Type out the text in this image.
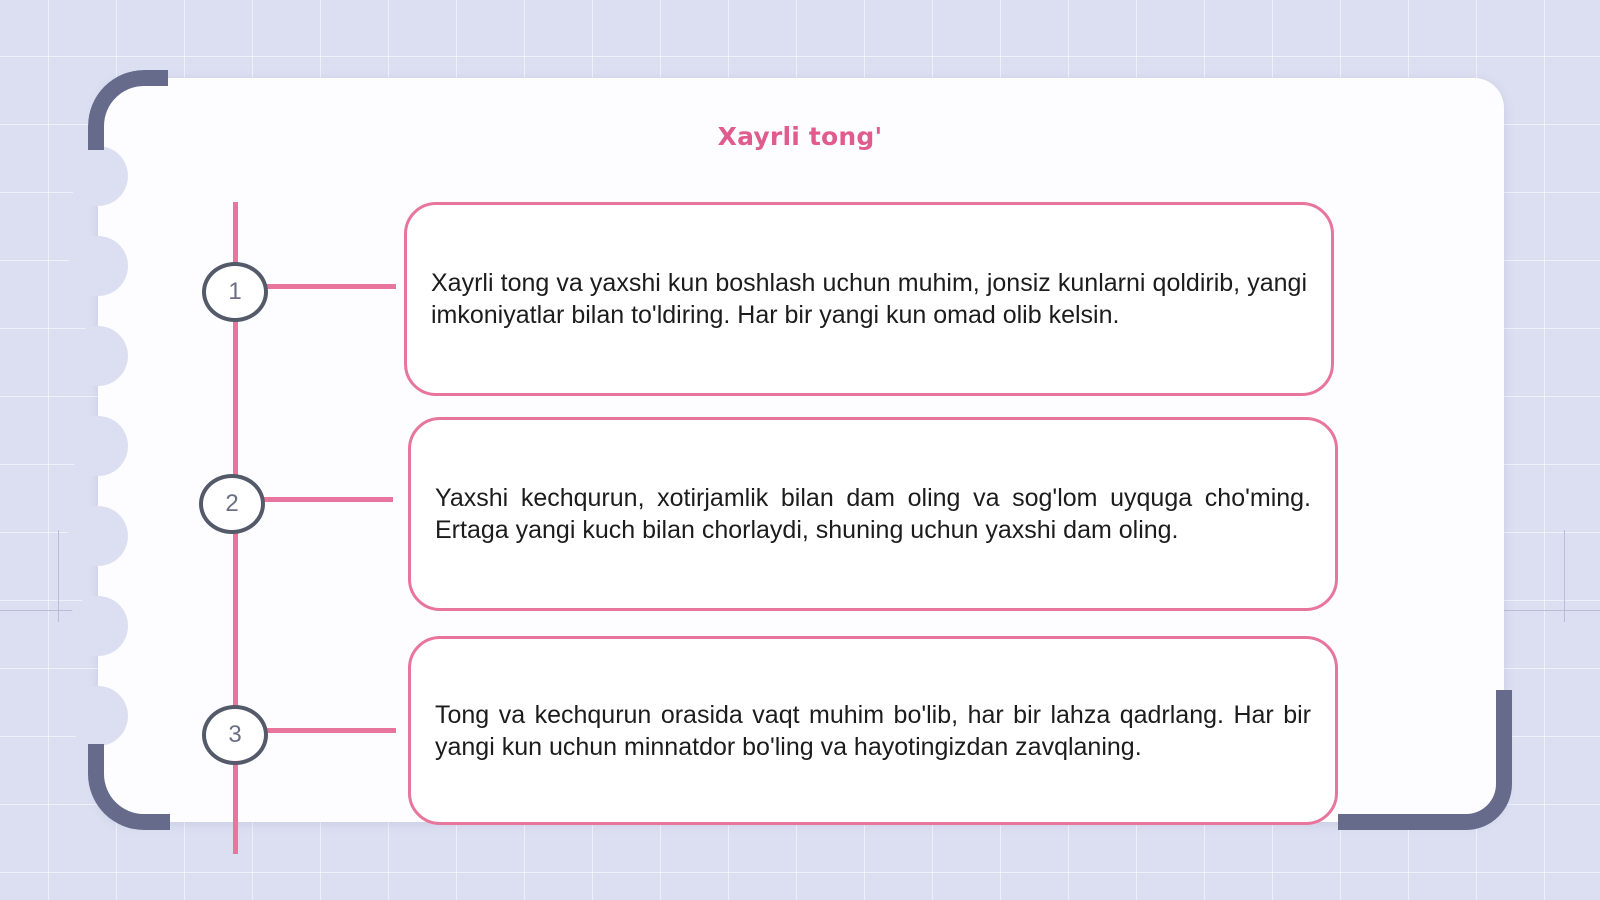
Xayrli tong'
1
2
3
Xayrli tong va yaxshi kun boshlash uchun muhim, jonsiz kunlarni qoldirib, yangi imkoniyatlar bilan to'ldiring. Har bir yangi kun omad olib kelsin.
Yaxshi kechqurun, xotirjamlik bilan dam oling va sog'lom uyquga cho'ming. Ertaga yangi kuch bilan chorlaydi, shuning uchun yaxshi dam oling.
Tong va kechqurun orasida vaqt muhim bo'lib, har bir lahza qadrlang. Har bir yangi kun uchun minnatdor bo'ling va hayotingizdan zavqlaning.
